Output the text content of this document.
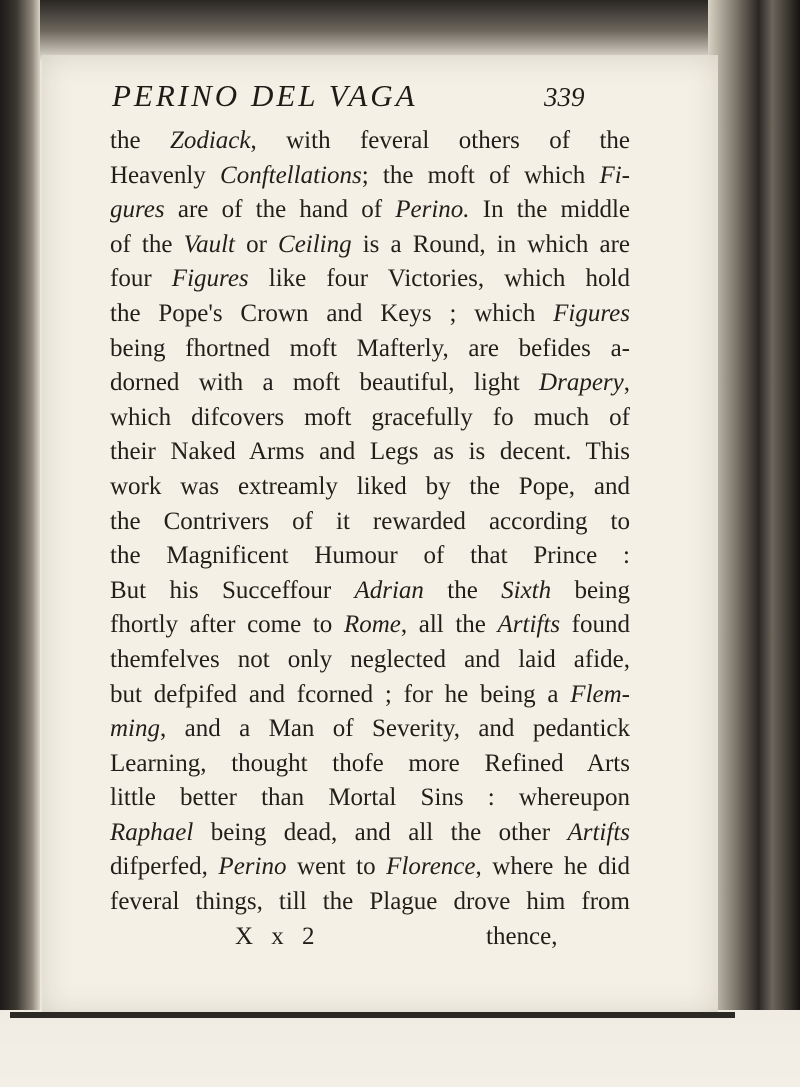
PERINO DEL VAGA	339
the Zodiack, with feveral others of the
Heavenly Conftellations; the moft of which Fi-
gures are of the hand of Perino. In the middle
of the Vault or Ceiling is a Round, in which are
four Figures like four Victories, which hold
the Pope's Crown and Keys ; which Figures
being fhortned moft Mafterly, are befides a-
dorned with a moft beautiful, light Drapery,
which difcovers moft gracefully fo much of
their Naked Arms and Legs as is decent. This
work was extreamly liked by the Pope, and
the Contrivers of it rewarded according to
the Magnificent Humour of that Prince :
But his Succeffour Adrian the Sixth being
fhortly after come to Rome, all the Artifts found
themfelves not only neglected and laid afide,
but defpifed and fcorned ; for he being a Flem-
ming, and a Man of Severity, and pedantick
Learning, thought thofe more Refined Arts
little better than Mortal Sins : whereupon
Raphael being dead, and all the other Artifts
difperfed, Perino went to Florence, where he did
feveral things, till the Plague drove him from
X x 2	thence,
